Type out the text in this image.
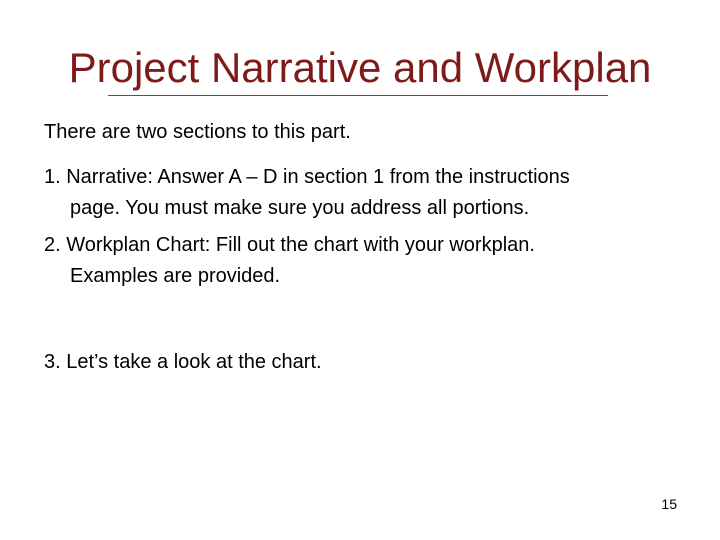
Project Narrative and Workplan
There are two sections to this part.
1. Narrative: Answer A – D in section 1 from the instructions
page. You must make sure you address all portions.
2. Workplan Chart: Fill out the chart with your workplan.
Examples are provided.
3. Let’s take a look at the chart.
15
